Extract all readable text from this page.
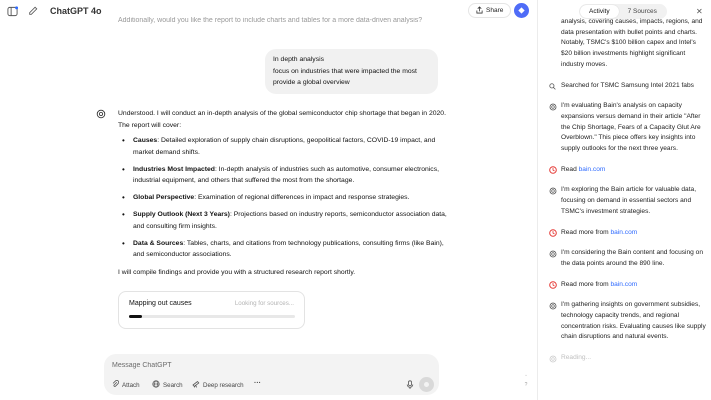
ChatGPT 4o	Share
Additionally, would you like the report to include charts and tables for a more data-driven analysis?
In depth analysis
focus on industries that were impacted the most
provide a global overview

Understood. I will conduct an in-depth analysis of the global semiconductor chip shortage that began in 2020. The report will cover:

• Causes: Detailed exploration of supply chain disruptions, geopolitical factors, COVID-19 impact, and market demand shifts.
• Industries Most Impacted: In-depth analysis of industries such as automotive, consumer electronics, industrial equipment, and others that suffered the most from the shortage.
• Global Perspective: Examination of regional differences in impact and response strategies.
• Supply Outlook (Next 3 Years): Projections based on industry reports, semiconductor association data, and consulting firm insights.
• Data & Sources: Tables, charts, and citations from technology publications, consulting firms (like Bain), and semiconductor associations.

I will compile findings and provide you with a structured research report shortly.

Mapping out causes	Looking for sources...
Message ChatGPT
Attach	Search	Deep research ···
◦
?
Activity	7 Sources	✕
analysis, covering causes, impacts, regions, and data presentation with bullet points and charts. Notably, TSMC's $100 billion capex and Intel's $20 billion investments highlight significant industry moves.
Searched for TSMC Samsung Intel 2021 fabs
I'm evaluating Bain's analysis on capacity expansions versus demand in their article "After the Chip Shortage, Fears of a Capacity Glut Are Overblown." This piece offers key insights into supply outlooks for the next three years.
Read bain.com
I'm exploring the Bain article for valuable data, focusing on demand in essential sectors and TSMC's investment strategies.
Read more from bain.com
I'm considering the Bain content and focusing on the data points around the 890 line.
Read more from bain.com
I'm gathering insights on government subsidies, technology capacity trends, and regional concentration risks. Evaluating causes like supply chain disruptions and natural events.
Reading...
